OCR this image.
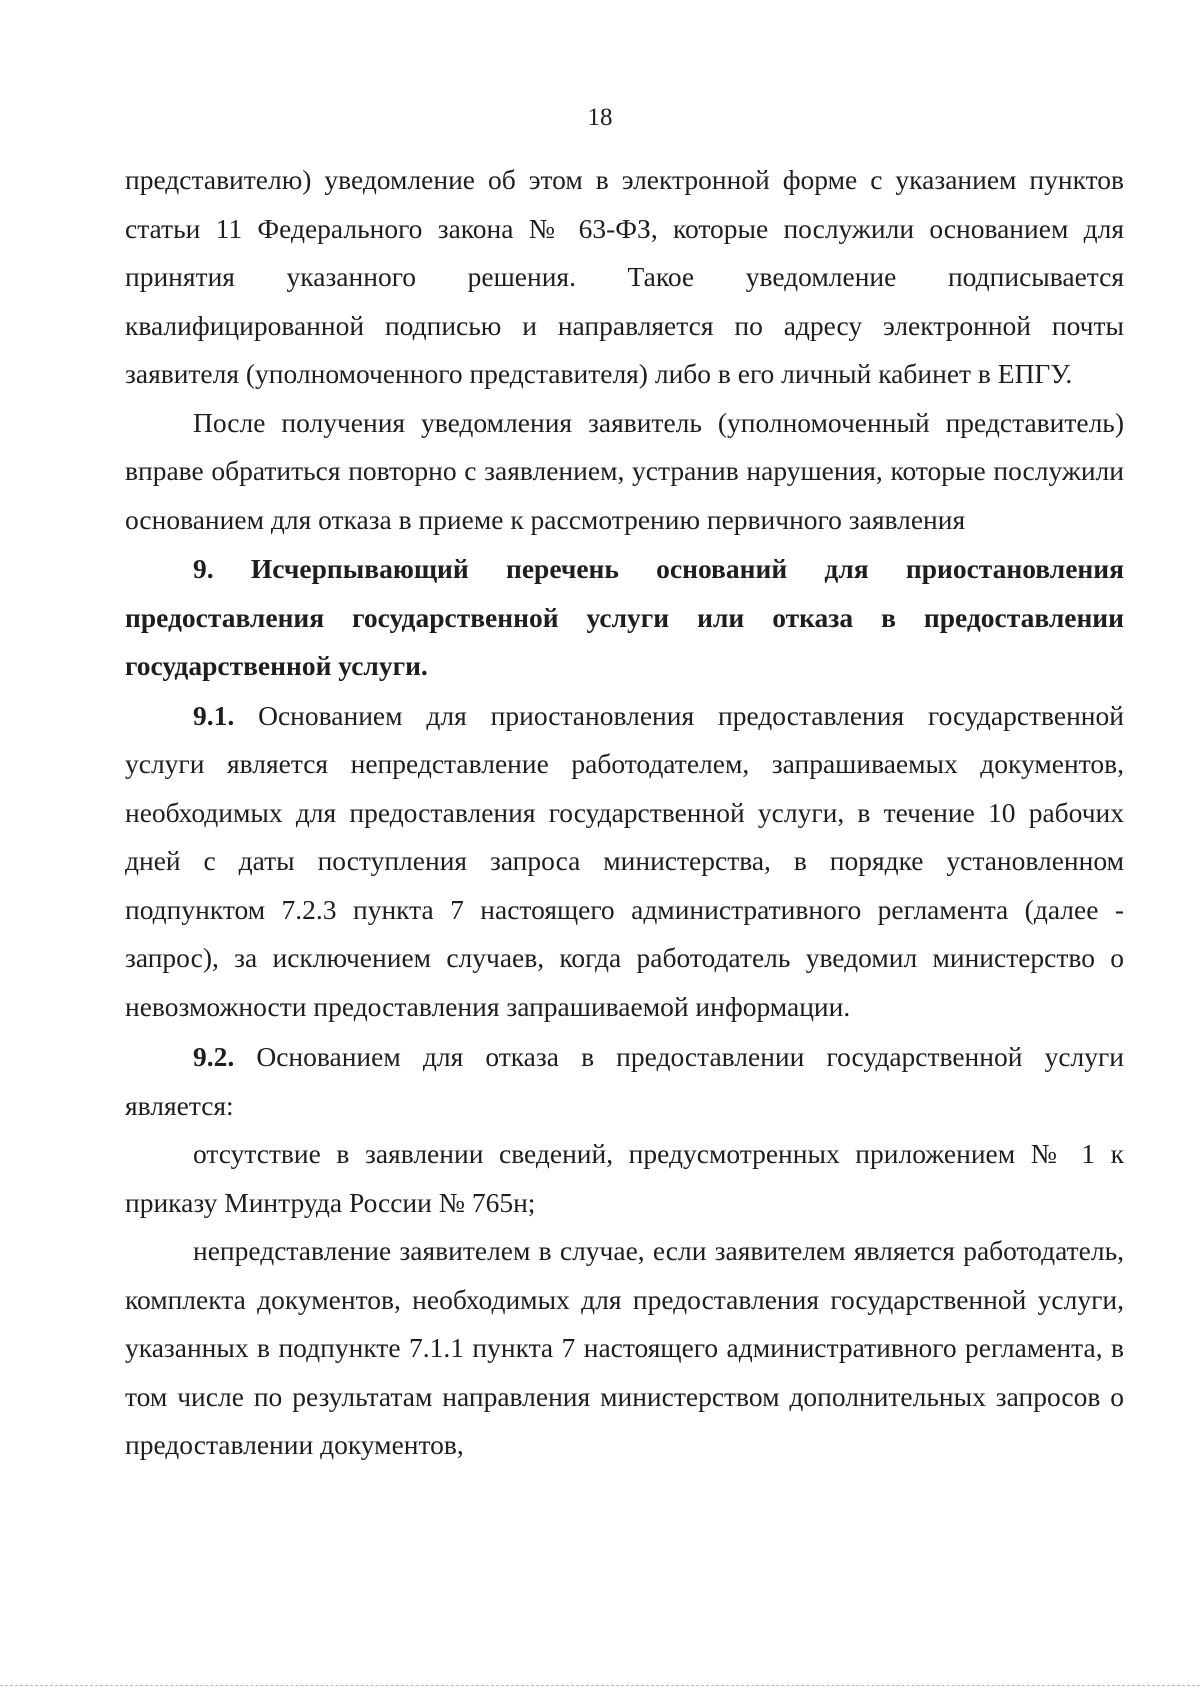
18

представителю) уведомление об этом в электронной форме с указанием пунктов статьи 11 Федерального закона № 63-ФЗ, которые послужили основанием для принятия указанного решения. Такое уведомление подписывается квалифицированной подписью и направляется по адресу электронной почты заявителя (уполномоченного представителя) либо в его личный кабинет в ЕПГУ.

После получения уведомления заявитель (уполномоченный представитель) вправе обратиться повторно с заявлением, устранив нарушения, которые послужили основанием для отказа в приеме к рассмотрению первичного заявления

9. Исчерпывающий перечень оснований для приостановления предоставления государственной услуги или отказа в предоставлении государственной услуги.

9.1. Основанием для приостановления предоставления государственной услуги является непредставление работодателем, запрашиваемых документов, необходимых для предоставления государственной услуги, в течение 10 рабочих дней с даты поступления запроса министерства, в порядке установленном подпунктом 7.2.3 пункта 7 настоящего административного регламента (далее - запрос), за исключением случаев, когда работодатель уведомил министерство о невозможности предоставления запрашиваемой информации.

9.2. Основанием для отказа в предоставлении государственной услуги является:

отсутствие в заявлении сведений, предусмотренных приложением № 1 к приказу Минтруда России № 765н;

непредставление заявителем в случае, если заявителем является работодатель, комплекта документов, необходимых для предоставления государственной услуги, указанных в подпункте 7.1.1 пункта 7 настоящего административного регламента, в том числе по результатам направления министерством дополнительных запросов о предоставлении документов,
